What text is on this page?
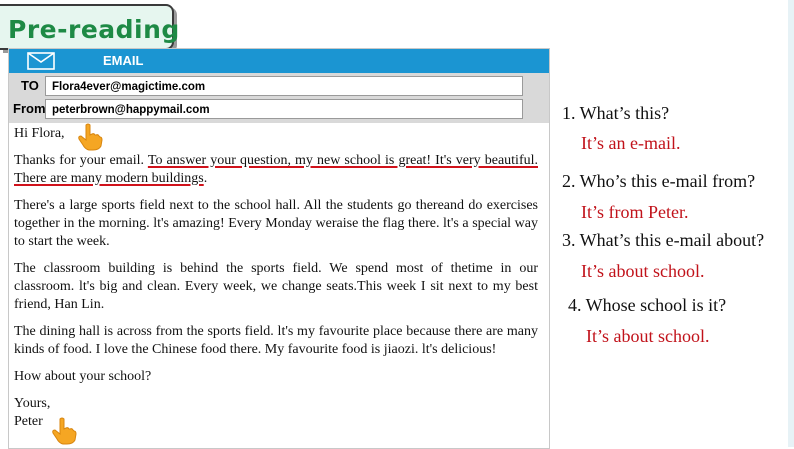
Pre-reading
EMAIL
TO	Flora4ever@magictime.com
From peterbrown@happymail.com

Hi Flora,

Thanks for your email. To answer your question, my new school is great! It's very beautiful. There are many modern buildings.

There's a large sports field next to the school hall. All the students go thereand do exercises together in the morning. lt's amazing! Every Monday weraise the flag there. lt's a special way to start the week.

The classroom building is behind the sports field. We spend most of thetime in our classroom. lt's big and clean. Every week, we change seats.This week I sit next to my best friend, Han Lin.

The dining hall is across from the sports field. lt's my favourite place because there are many kinds of food. I love the Chinese food there. My favourite food is jiaozi. lt's delicious!

How about your school?

Yours,

Peter

1. What’s this?
It’s an e-mail.
2. Who’s this e-mail from?
It’s from Peter.
3. What’s this e-mail about?
It’s about school.
4. Whose school is it?
It’s about school.
